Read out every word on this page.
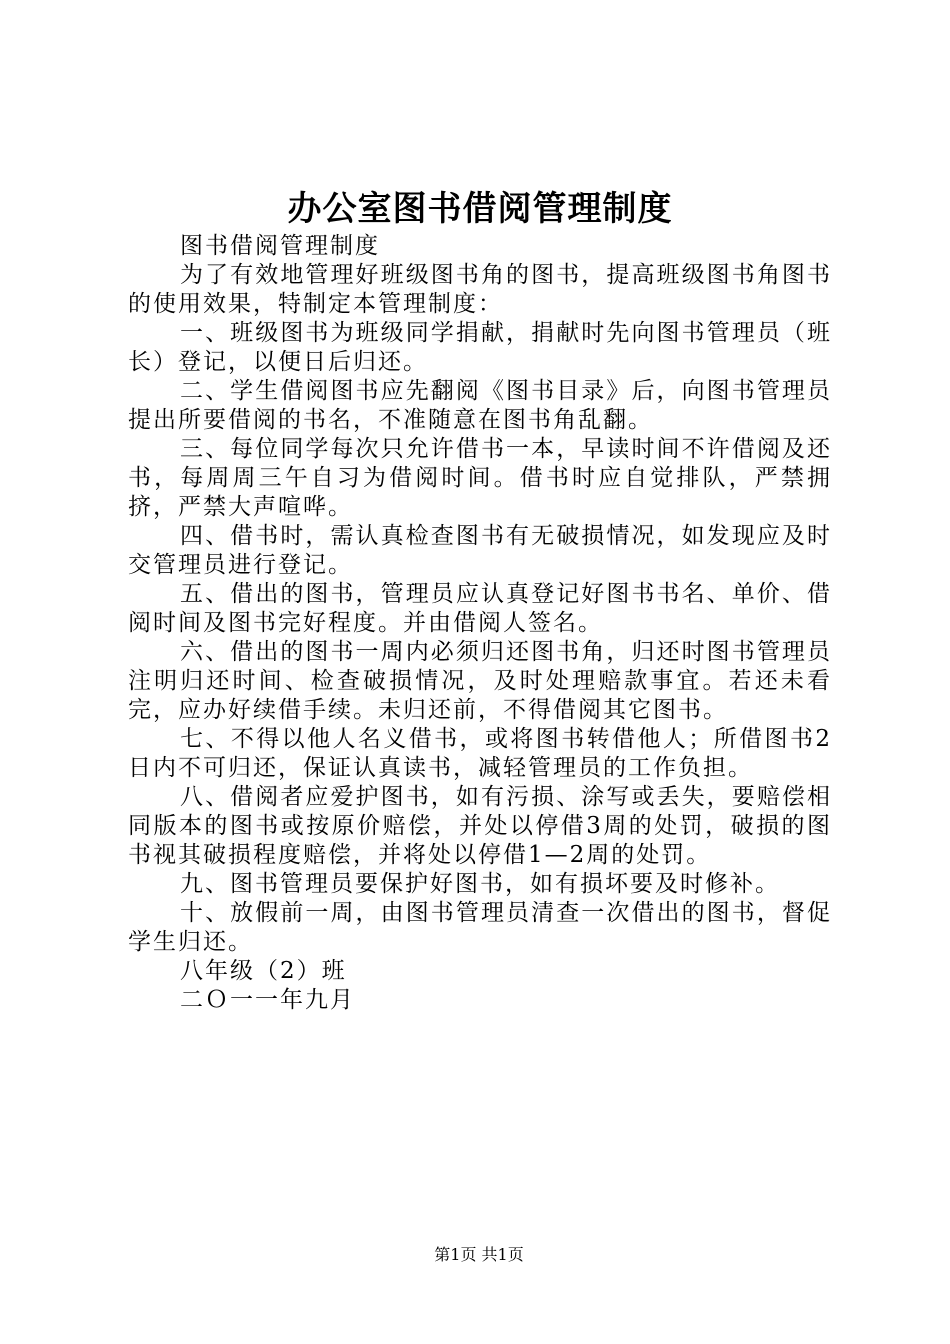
办公室图书借阅管理制度

图书借阅管理制度

为了有效地管理好班级图书角的图书，提高班级图书角图书的使用效果，特制定本管理制度：

一、班级图书为班级同学捐献，捐献时先向图书管理员（班长）登记，以便日后归还。

二、学生借阅图书应先翻阅《图书目录》后，向图书管理员提出所要借阅的书名，不准随意在图书角乱翻。

三、每位同学每次只允许借书一本，早读时间不许借阅及还书，每周周三午自习为借阅时间。借书时应自觉排队，严禁拥挤，严禁大声喧哗。

四、借书时，需认真检查图书有无破损情况，如发现应及时交管理员进行登记。

五、借出的图书，管理员应认真登记好图书书名、单价、借阅时间及图书完好程度。并由借阅人签名。

六、借出的图书一周内必须归还图书角，归还时图书管理员注明归还时间、检查破损情况，及时处理赔款事宜。若还未看完，应办好续借手续。未归还前，不得借阅其它图书。

七、不得以他人名义借书，或将图书转借他人；所借图书2日内不可归还，保证认真读书，减轻管理员的工作负担。

八、借阅者应爱护图书，如有污损、涂写或丢失，要赔偿相同版本的图书或按原价赔偿，并处以停借3周的处罚，破损的图书视其破损程度赔偿，并将处以停借1—2周的处罚。

九、图书管理员要保护好图书，如有损坏要及时修补。

十、放假前一周，由图书管理员清查一次借出的图书，督促学生归还。

八年级（2）班

二Ｏ一一年九月

第1页 共1页
